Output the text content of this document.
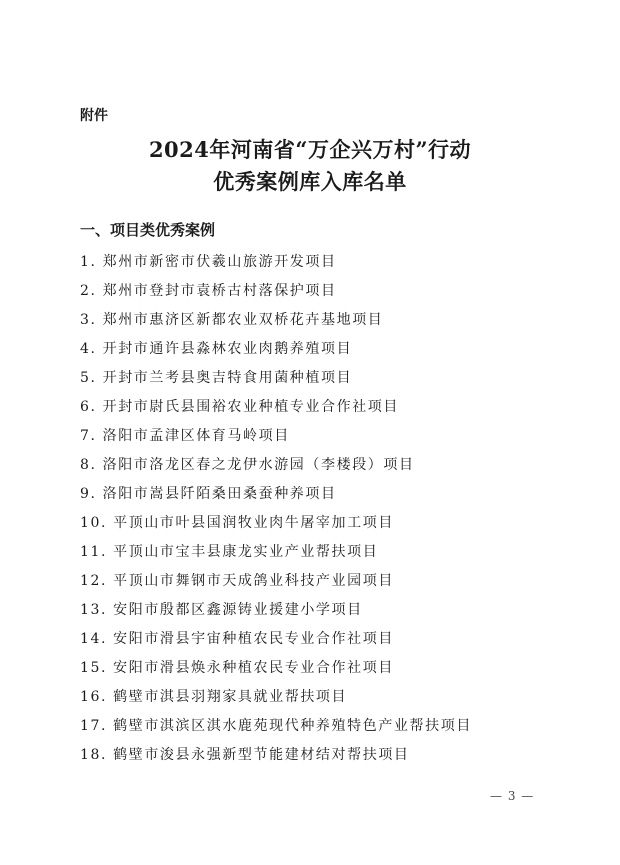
附件
2024年河南省“万企兴万村”行动
优秀案例库入库名单
一、项目类优秀案例
1. 郑州市新密市伏羲山旅游开发项目
2. 郑州市登封市袁桥古村落保护项目
3. 郑州市惠济区新都农业双桥花卉基地项目
4. 开封市通许县淼林农业肉鹅养殖项目
5. 开封市兰考县奥吉特食用菌种植项目
6. 开封市尉氏县围裕农业种植专业合作社项目
7. 洛阳市孟津区体育马岭项目
8. 洛阳市洛龙区春之龙伊水游园（李楼段）项目
9. 洛阳市嵩县阡陌桑田桑蚕种养项目
10. 平顶山市叶县国润牧业肉牛屠宰加工项目
11. 平顶山市宝丰县康龙实业产业帮扶项目
12. 平顶山市舞钢市天成鸽业科技产业园项目
13. 安阳市殷都区鑫源铸业援建小学项目
14. 安阳市滑县宇宙种植农民专业合作社项目
15. 安阳市滑县焕永种植农民专业合作社项目
16. 鹤壁市淇县羽翔家具就业帮扶项目
17. 鹤壁市淇滨区淇水鹿苑现代种养殖特色产业帮扶项目
18. 鹤壁市浚县永强新型节能建材结对帮扶项目
— 3 —
